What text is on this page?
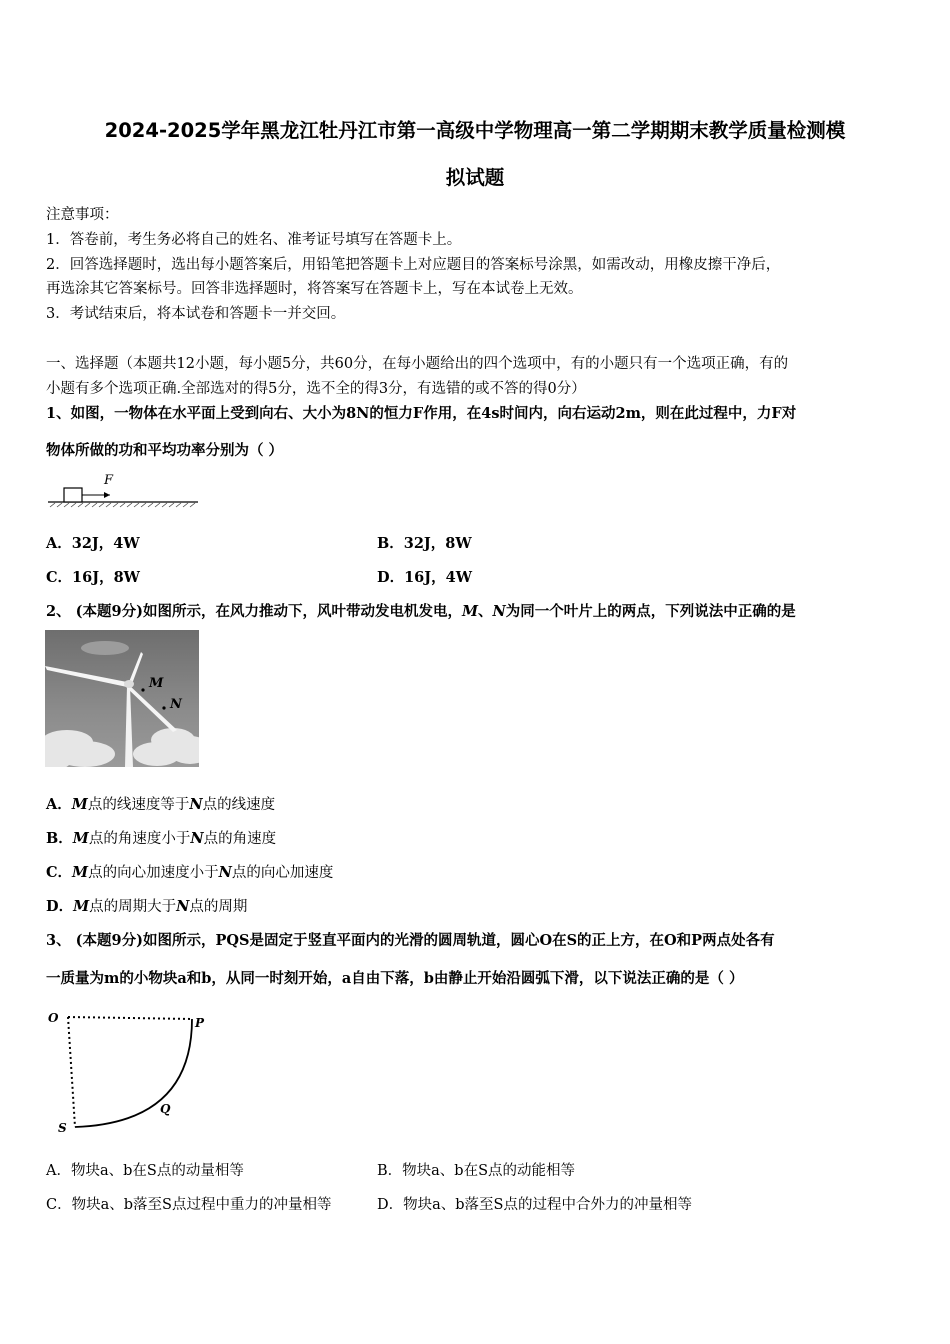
2024-2025学年黑龙江牡丹江市第一高级中学物理高一第二学期期末教学质量检测模
拟试题
注意事项：
1．答卷前，考生务必将自己的姓名、准考证号填写在答题卡上。
2．回答选择题时，选出每小题答案后，用铅笔把答题卡上对应题目的答案标号涂黑，如需改动，用橡皮擦干净后，
再选涂其它答案标号。回答非选择题时，将答案写在答题卡上，写在本试卷上无效。
3．考试结束后，将本试卷和答题卡一并交回。
一、选择题（本题共12小题，每小题5分，共60分，在每小题给出的四个选项中，有的小题只有一个选项正确，有的
小题有多个选项正确.全部选对的得5分，选不全的得3分，有选错的或不答的得0分）
1、如图，一物体在水平面上受到向右、大小为8N的恒力F作用，在4s时间内，向右运动2m，则在此过程中，力F对
物体所做的功和平均功率分别为（ ）
F
A．32J，4W	B．32J，8W
C．16J，8W	D．16J，4W
2、 (本题9分)如图所示，在风力推动下，风叶带动发电机发电，M、N为同一个叶片上的两点，下列说法中正确的是
M
N
A．M点的线速度等于N点的线速度
B．M点的角速度小于N点的角速度
C．M点的向心加速度小于N点的向心加速度
D．M点的周期大于N点的周期
3、 (本题9分)如图所示，PQS是固定于竖直平面内的光滑的圆周轨道，圆心O在S的正上方，在O和P两点处各有
一质量为m的小物块a和b，从同一时刻开始，a自由下落，b由静止开始沿圆弧下滑，以下说法正确的是（ ）
O	P
Q
S
A．物块a、b在S点的动量相等	B．物块a、b在S点的动能相等
C．物块a、b落至S点过程中重力的冲量相等	D．物块a、b落至S点的过程中合外力的冲量相等
